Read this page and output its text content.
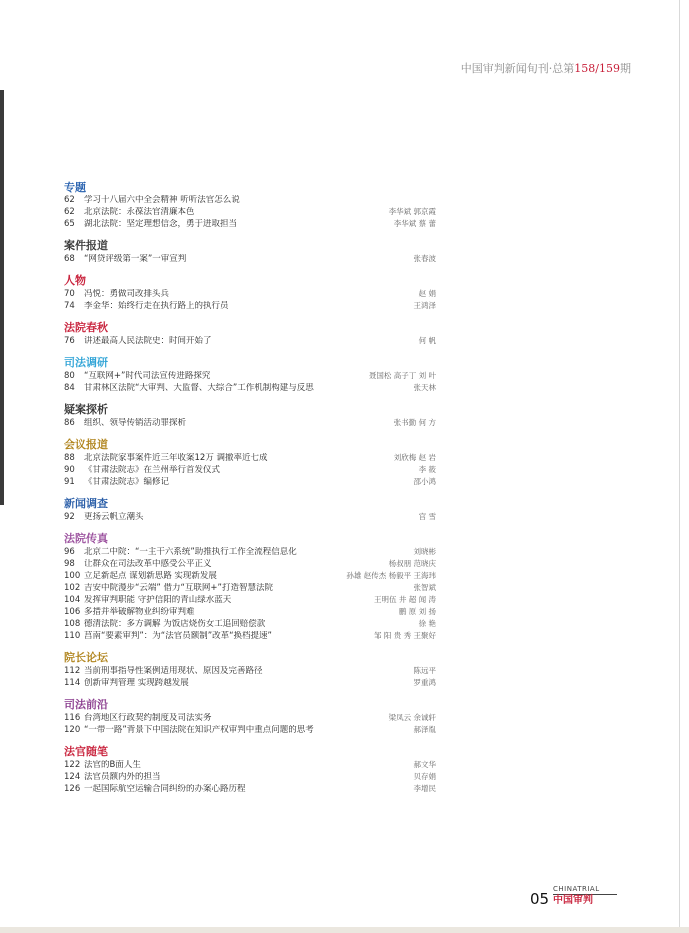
中国审判新闻旬刊·总第158/159期
专题
62	学习十八届六中全会精神 听听法官怎么说
62	北京法院：永葆法官清廉本色	李华斌 郭京霞
65	湖北法院：坚定理想信念，勇于进取担当	李华斌 蔡 蕾
案件报道
68	“网贷评级第一案”一审宣判	张春波
人物
70	冯悦：勇做司改排头兵	赵 娟
74	李金华：始终行走在执行路上的执行员	王鸿泽
法院春秋
76	讲述最高人民法院史：时间开始了	何 帆
司法调研
80	“互联网+”时代司法宣传进路探究	聂国松 高子丁 刘 叶
84	甘肃林区法院“大审判、大监督、大综合”工作机制构建与反思	张天林
疑案探析
86	组织、领导传销活动罪探析	张书勤 何 方
会议报道
88	北京法院家事案件近三年收案12万 调撤率近七成	刘欣梅 赵 岩
90	《甘肃法院志》在兰州举行首发仪式	李 筱
91	《甘肃法院志》编修记	邵小鸿
新闻调查
92	更扬云帆立潮头	宫 雪
法院传真
96	北京二中院：“一主干六系统”助推执行工作全流程信息化	刘晓彬
98	让群众在司法改革中感受公平正义	杨叔朋 范晓庆
100 立足新起点 谋划新思路 实现新发展	孙雄 赵传杰 杨毅平 王海玮
102 吉安中院漫步“云端” 借力“互联网+”打造智慧法院	张智斌
104 发挥审判职能 守护信阳的青山绿水蓝天	王明伍 井 超 闻 涛
106 多措并举破解物业纠纷审判难	鹏 原 刘 扬
108 德清法院：多方调解 为饭店烧伤女工追回赔偿款	徐 艳
110 莒南“要素审判”：为“法官员额制”改革“换档提速”	邹 阳 贵 秀 王聚好
院长论坛
112 当前刑事指导性案例适用现状、原因及完善路径	陈远平
114 创新审判管理 实现跨越发展	罗重鸿
司法前沿
116 台湾地区行政契约制度及司法实务	梁凤云 余诚轩
120 “一带一路”背景下中国法院在知识产权审判中重点问题的思考	郝泽胤
法官随笔
122 法官的B面人生	郝文华
124 法官员额内外的担当	贝存娟
126 一起国际航空运输合同纠纷的办案心路历程	李增民
05
CHINATRIAL
中国审判
